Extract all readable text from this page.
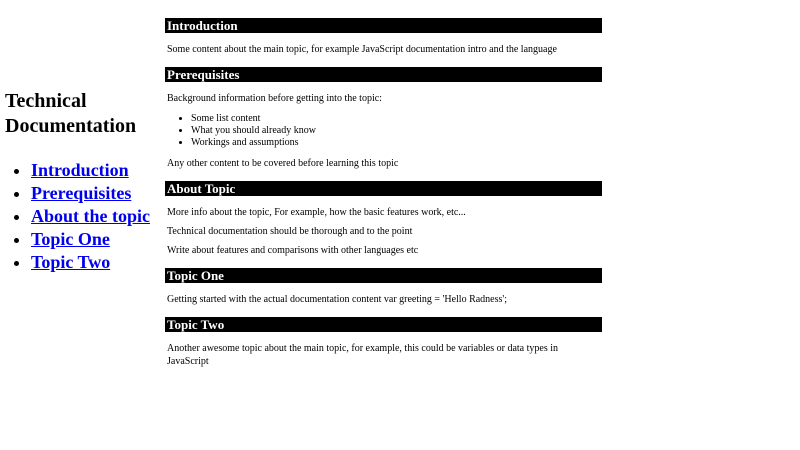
Technical Documentation
• Introduction
• Prerequisites
• About the topic
• Topic One
• Topic Two
Introduction

Some content about the main topic, for example JavaScript documentation intro and the language

Prerequisites

Background information before getting into the topic:

• Some list content
• What you should already know
• Workings and assumptions

Any other content to be covered before learning this topic

About Topic

More info about the topic, For example, how the basic features work, etc...

Technical documentation should be thorough and to the point

Write about features and comparisons with other languages etc

Topic One

Getting started with the actual documentation content var greeting = 'Hello Radness';

Topic Two

Another awesome topic about the main topic, for example, this could be variables or data types in JavaScript
